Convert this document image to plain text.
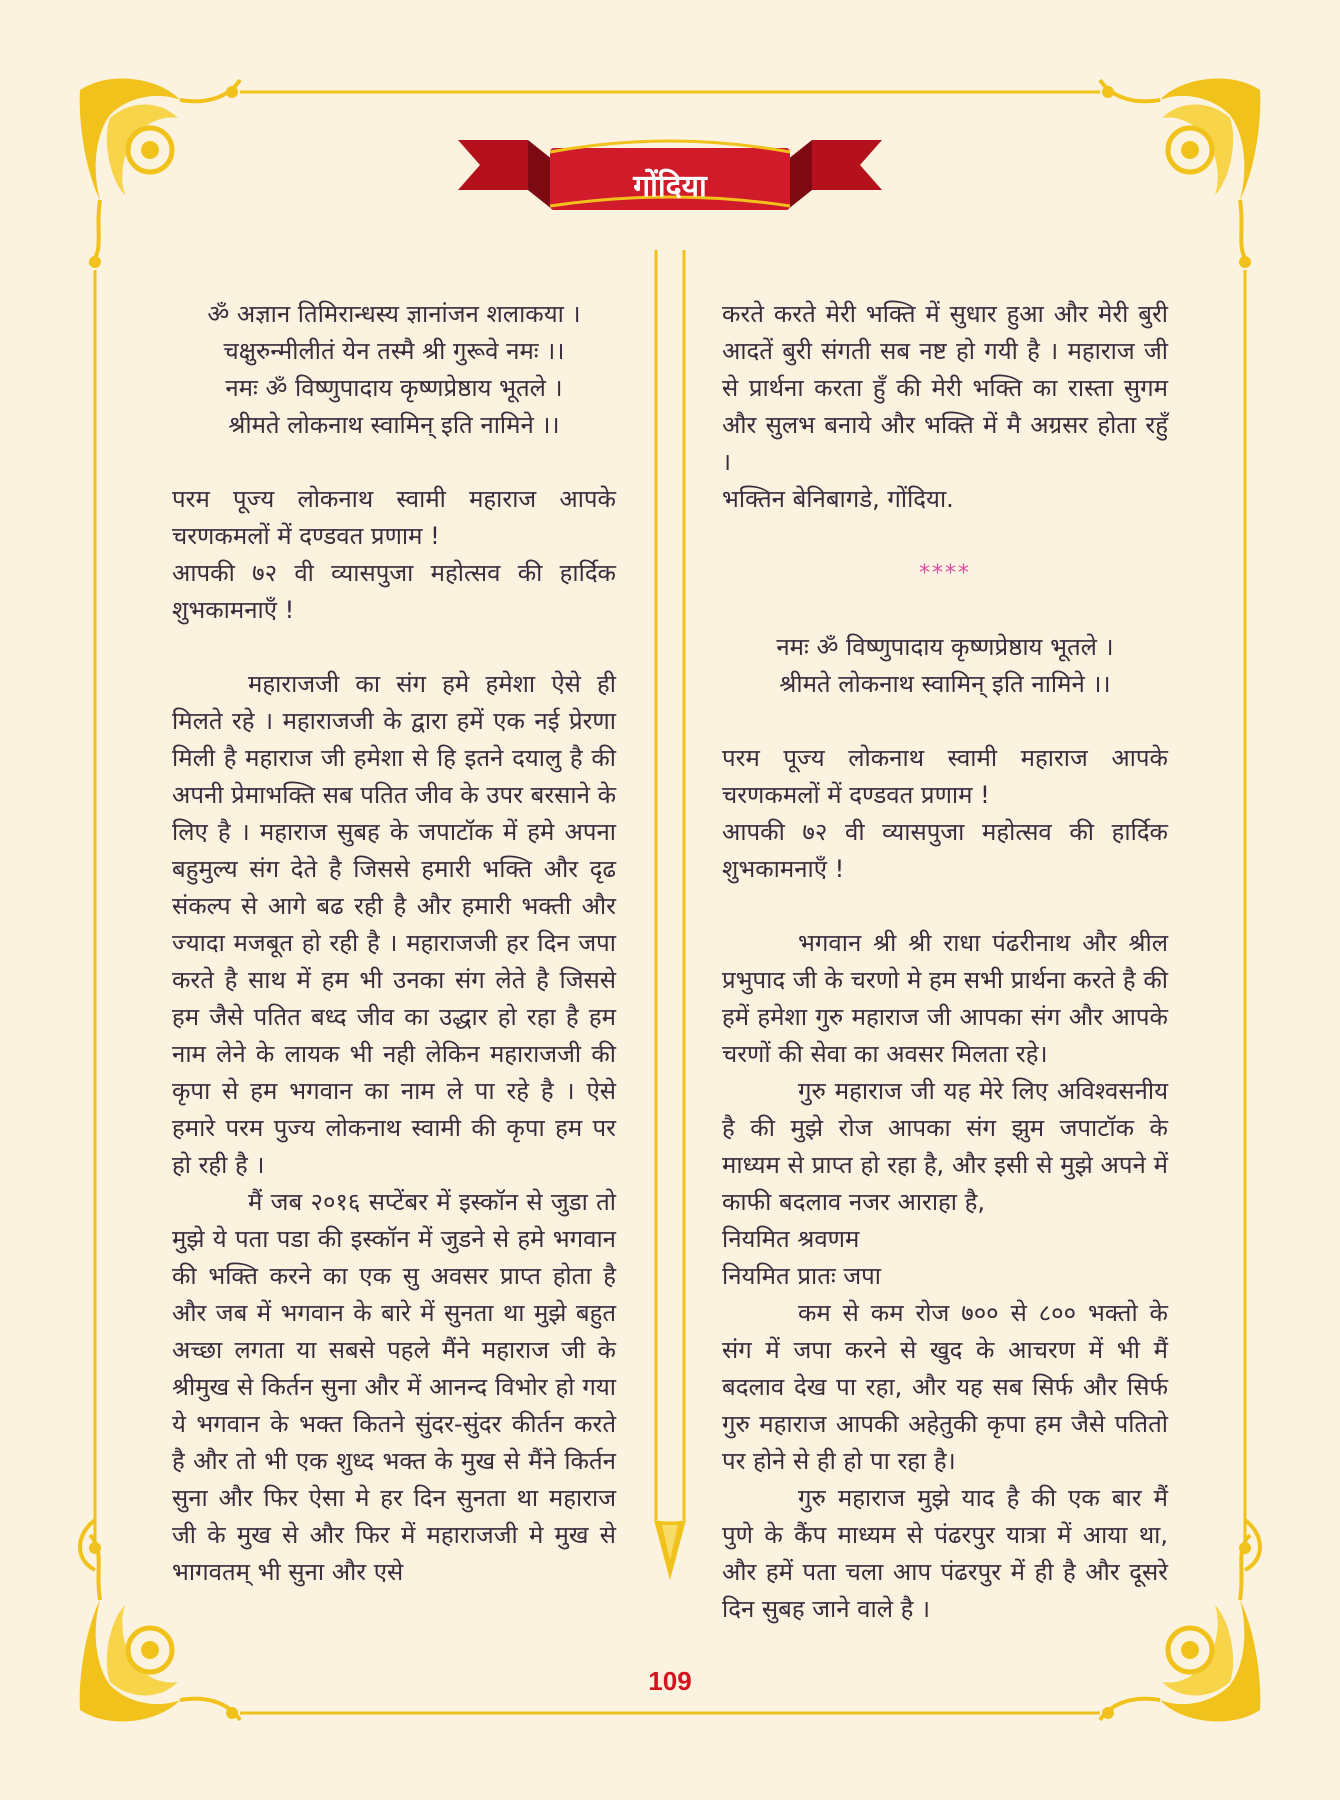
गोंदिया

ॐ अज्ञान तिमिरान्धस्य ज्ञानांजन शलाकया ।

चक्षुरुन्मीलीतं येन तस्मै श्री गुरूवे नमः ।।

नमः ॐ विष्णुपादाय कृष्णप्रेष्ठाय भूतले ।

श्रीमते लोकनाथ स्वामिन् इति नामिने ।।

परम पूज्य लोकनाथ स्वामी महाराज आपके चरणकमलों में दण्डवत प्रणाम !

आपकी ७२ वी व्यासपुजा महोत्सव की हार्दिक शुभकामनाएँ !

महाराजजी का संग हमे हमेशा ऐसे ही मिलते रहे । महाराजजी के द्वारा हमें एक नई प्रेरणा मिली है महाराज जी हमेशा से हि इतने दयालु है की अपनी प्रेमाभक्ति सब पतित जीव के उपर बरसाने के लिए है । महाराज सुबह के जपाटॉक में हमे अपना बहुमुल्य संग देते है जिससे हमारी भक्ति और दृढ संकल्प से आगे बढ रही है और हमारी भक्ती और ज्यादा मजबूत हो रही है । महाराजजी हर दिन जपा करते है साथ में हम भी उनका संग लेते है जिससे हम जैसे पतित बध्द जीव का उद्धार हो रहा है हम नाम लेने के लायक भी नही लेकिन महाराजजी की कृपा से हम भगवान का नाम ले पा रहे है । ऐसे हमारे परम पुज्य लोकनाथ स्वामी की कृपा हम पर हो रही है ।

मैं जब २०१६ सप्टेंबर में इस्कॉन से जुडा तो मुझे ये पता पडा की इस्कॉन में जुडने से हमे भगवान की भक्ति करने का एक सु अवसर प्राप्त होता है और जब में भगवान के बारे में सुनता था मुझे बहुत अच्छा लगता या सबसे पहले मैंने महाराज जी के श्रीमुख से किर्तन सुना और में आनन्द विभोर हो गया ये भगवान के भक्त कितने सुंदर-सुंदर कीर्तन करते है और तो भी एक शुध्द भक्त के मुख से मैंने किर्तन सुना और फिर ऐसा मे हर दिन सुनता था महाराज जी के मुख से और फिर में महाराजजी मे मुख से भागवतम् भी सुना और एसे

करते करते मेरी भक्ति में सुधार हुआ और मेरी बुरी आदतें बुरी संगती सब नष्ट हो गयी है । महाराज जी से प्रार्थना करता हुँ की मेरी भक्ति का रास्ता सुगम और सुलभ बनाये और भक्ति में मै अग्रसर होता रहुँ ।

भक्तिन बेनिबागडे, गोंदिया.

****

नमः ॐ विष्णुपादाय कृष्णप्रेष्ठाय भूतले ।

श्रीमते लोकनाथ स्वामिन् इति नामिने ।।

परम पूज्य लोकनाथ स्वामी महाराज आपके चरणकमलों में दण्डवत प्रणाम !

आपकी ७२ वी व्यासपुजा महोत्सव की हार्दिक शुभकामनाएँ !

भगवान श्री श्री राधा पंढरीनाथ और श्रील प्रभुपाद जी के चरणो मे हम सभी प्रार्थना करते है की हमें हमेशा गुरु महाराज जी आपका संग और आपके चरणों की सेवा का अवसर मिलता रहे।

गुरु महाराज जी यह मेरे लिए अविश्वसनीय है की मुझे रोज आपका संग झुम जपाटॉक के माध्यम से प्राप्त हो रहा है, और इसी से मुझे अपने में काफी बदलाव नजर आराहा है,

नियमित श्रवणम

नियमित प्रातः जपा

कम से कम रोज ७०० से ८०० भक्तो के संग में जपा करने से खुद के आचरण में भी मैं बदलाव देख पा रहा, और यह सब सिर्फ और सिर्फ गुरु महाराज आपकी अहेतुकी कृपा हम जैसे पतितो पर होने से ही हो पा रहा है।

गुरु महाराज मुझे याद है की एक बार मैं पुणे के कैंप माध्यम से पंढरपुर यात्रा में आया था, और हमें पता चला आप पंढरपुर में ही है और दूसरे दिन सुबह जाने वाले है ।

109
